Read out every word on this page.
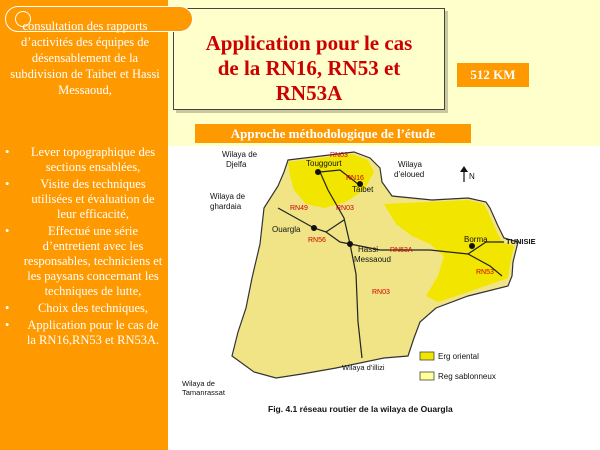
consultation des rapports d’activités des équipes de désensablement de la subdivision de Taibet et Hassi Messaoud,
• Lever topographique des sections ensablées,
• Visite des techniques utilisées et évaluation de leur efficacité,
•	Effectué une série d’entretient avec les responsables, techniciens et les paysans concernant les techniques de lutte,
• Choix des techniques,
• Application pour le cas de la RN16,RN53 et RN53A.
Application pour le cas
de la RN16, RN53 et
RN53A
512 KM
Approche méthodologique de l’étude
Wilaya de
Djelfa	Wilaya
d’eloued
Wilaya de
ghardaia
TUNISIE
Wilaya d’illizi
Wilaya de
Tamanrassat
Touggourt
Taibet
Ouargla
Hassi
Messaoud
Borma
RN03
RN16
RN49	RN03
RN56
RN53A
RN53
RN03
N
Erg oriental
Reg sablonneux
Fig. 4.1 réseau routier de la wilaya de Ouargla
